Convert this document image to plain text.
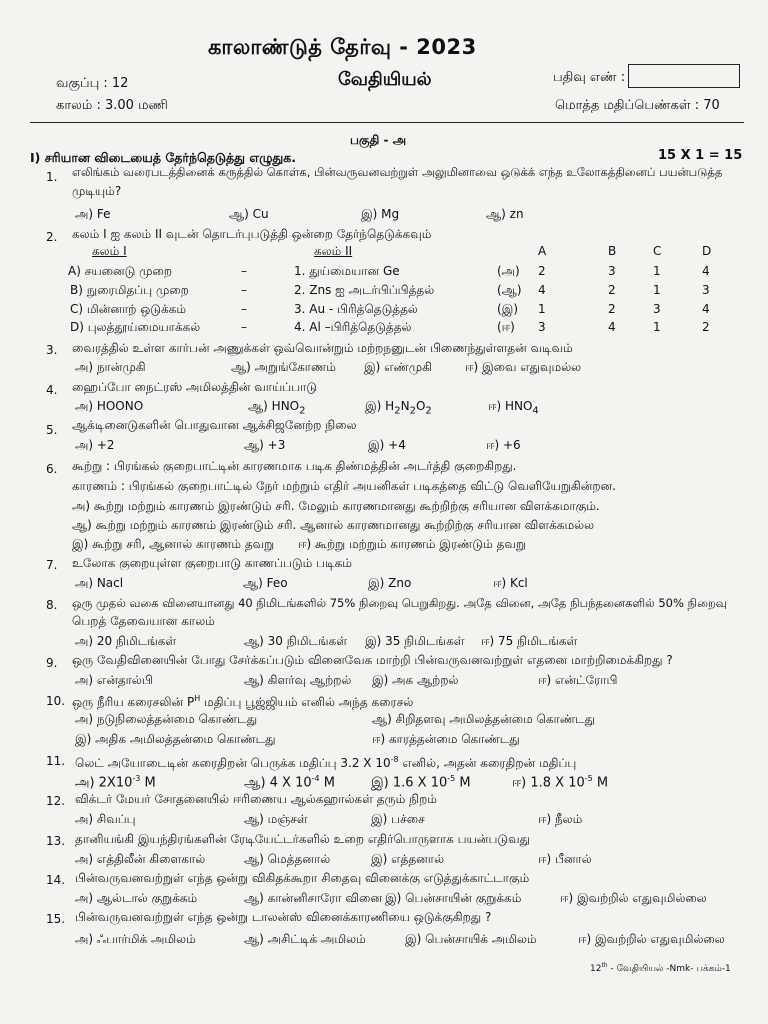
காலாண்டுத் தேர்வு - 2023
வகுப்பு : 12	வேதியியல்	பதிவு எண் :
காலம் : 3.00 மணி	மொத்த மதிப்பெண்கள் : 70
பகுதி - அ
I) சரியான விடையைத் தேர்ந்தெடுத்து எழுதுக.	15 X 1 = 15
1. எலிங்கம் வரைபடத்தினைக் கருத்தில் கொள்க, பின்வருவனவற்றுள் அலுமினாவை ஒடுக்க் எந்த உலோகத்தினைப் பயன்படுத்த
முடியும்?
அ) Fe	ஆ) Cu	இ) Mg	ஆ) zn
2. கலம் I ஐ கலம் II வுடன் தொடர்புபடுத்தி ஒன்றை தேர்ந்தெடுக்கவும்
கலம் I	கலம் II	A	B	C	D
A) சயனைடு முறை	–	1. துய்மையான Ge	(அ) 2	3	1	4
B) நுரைமிதப்பு முறை	–	2. Zns ஐ அடர்பிப்பித்தல்	(ஆ) 4	2	1	3
C) மின்னாற் ஒடுக்கம்	–	3. Au - பிரித்தெடுத்தல்	(இ) 1	2	3	4
D) புலத்தூய்மையாக்கல்	–	4. Al –பிரித்தெடுத்தல்	(ஈ) 3	4	1	2
3. வைரத்தில் உள்ள கார்பன் அணுக்கள் ஒவ்வொன்றும் மற்றநனுடன் பிணைந்துள்ளதன் வடிவம்
அ) நான்முகி	ஆ) அறுங்கோணம் இ) எண்முகி	ஈ) இவை எதுவுமல்ல
4. ஹைப்போ நைட்ரஸ் அமிலத்தின் வாய்ப்பாடு
அ) HOONO	ஆ) $HNO_2$	இ) $H_2N_2O_2$	ஈ) $HNO_4$
5. ஆக்டினைடுகளின் பொதுவான ஆக்சிஜனேற்ற நிலை
அ) +2	ஆ) +3	இ) +4	ஈ) +6
6. கூற்று : பிரங்கல் குறைபாட்டின் காரணமாக படிக திண்மத்தின் அடர்த்தி குறைகிறது.
காரணம் : பிரங்கல் குறைபாட்டில் நேர் மற்றும் எதிர் அயனிகள் படிகத்தை விட்டு வெளியேறுகின்றன.
அ) கூற்று மற்றும் காரணம் இரண்டும் சரி. மேலும் காரணமானது கூற்றிற்கு சரியான விளக்கமாகும்.
ஆ) கூற்று மற்றும் காரணம் இரண்டும் சரி. ஆனால் காரணமானது கூற்றிற்கு சரியான விளக்கமல்ல
இ) கூற்று சரி, ஆனால் காரணம் தவறு ஈ) கூற்று மற்றும் காரணம் இரண்டும் தவறு
7. உலோக குறையுள்ள குறைபாடு காணப்படும் படிகம்
அ) Nacl	ஆ) Feo	இ) Zno	ஈ) Kcl
8. ஒரு முதல் வகை வினையானது 40 நிமிடங்களில் 75% நிறைவு பெறுகிறது. அதே வினை, அதே நிபந்தனைகளில் 50% நிறைவு
பெறத் தேவையான காலம்
அ) 20 நிமிடங்கள்	ஆ) 30 நிமிடங்கள் இ) 35 நிமிடங்கள் ஈ) 75 நிமிடங்கள்
9. ஒரு வேதிவினையின் போது சேர்க்கப்படும் வினைவேக மாற்றி பின்வருவனவற்றுள் எதனை மாற்றிமைக்கிறது ?
அ) என்தால்பி	ஆ) கிளர்வு ஆற்றல் இ) அக ஆற்றல்	ஈ) என்ட்ரோபி
10. ஒரு நீரிய கரைசலின் $P^H$ மதிப்பு பூஜ்ஜியம் எனில் அந்த கரைசல்
அ) நடுநிலைத்தன்மை கொண்டது	ஆ) சிறிதளவு அமிலத்தன்மை கொண்டது
இ) அதிக அமிலத்தன்மை கொண்டது	ஈ) காரத்தன்மை கொண்டது
11. லெட் அயோடைடின் கரைதிறன் பெருக்க மதிப்பு 3.2 X $10^{-8}$ எனில், அதன் கரைதிறன் மதிப்பு
அ) $2X10^{-3}$ M	ஆ) 4 X $10^{-4}$ M	இ) 1.6 X $10^{-5}$ M	ஈ) 1.8 X $10^{-5}$ M
12. விக்டர் மேயர் சோதனையில் ஈரிணைய ஆல்கஹால்கள் தரும் நிறம்
அ) சிவப்பு	ஆ) மஞ்சள்	இ) பச்சை	ஈ) நீலம்
13. தானியங்கி இயந்திரங்களின் ரேடியேட்டர்களில் உறை எதிர்பொருளாக பயன்படுவது
அ) எத்திலீன் கிளைகால்	ஆ) மெத்தனால்	இ) எத்தனால்	ஈ) பீனால்
14. பின்வருவனவற்றுள் எந்த ஒன்று விகிதக்கூறா சிதைவு வினைக்கு எடுத்துக்காட்டாகும்
அ) ஆல்டால் குறுக்கம்	ஆ) கான்னிசாரோ வினை இ) பென்சாயின் குறுக்கம்	ஈ) இவற்றில் எதுவுமில்லை
15. பின்வருவனவற்றுள் எந்த ஒன்று டாலன்ஸ் வினைக்காரணியை ஒடுக்குகிறது ?
அ) ஃபார்மிக் அமிலம்	ஆ) அசிட்டிக் அமிலம்	இ) பென்சாயிக் அமிலம்	ஈ) இவற்றில் எதுவுமில்லை
12th - வேதியியல் -Nmk- பக்கம்-1
